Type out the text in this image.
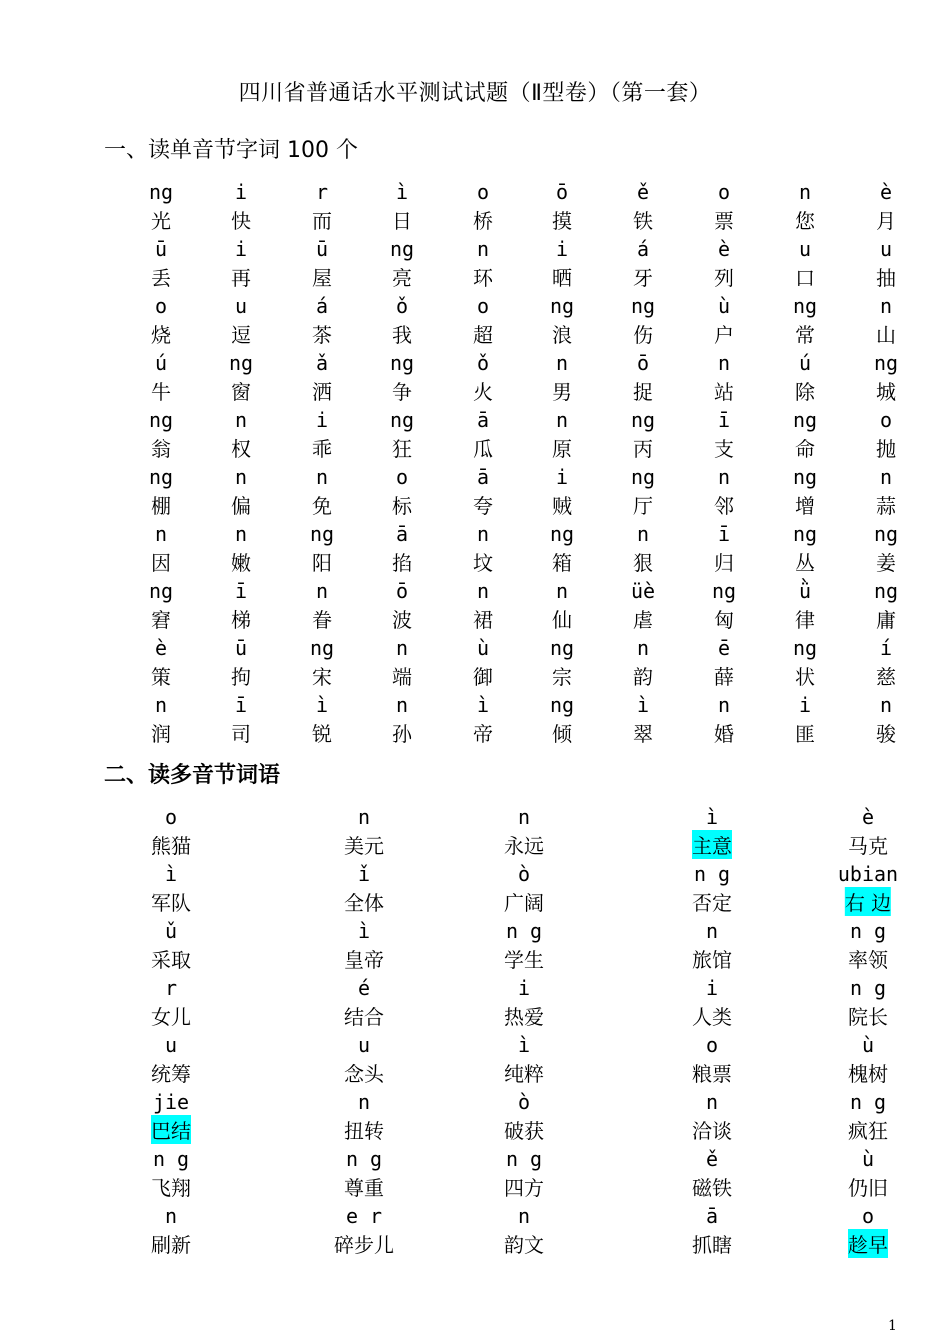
四川省普通话水平测试试题（Ⅱ型卷）（第一套）
一、读单音节字词 100 个
ng
光
i
快
r
而
ì
日
o
桥
ō
摸
ě
铁
o
票
n
您
è
月
ū
丢
i
再
ū
屋
ng
亮
n
环
i
晒
á
牙
è
列
u
口
u
抽
o
烧
u
逗
á
茶
ǒ
我
o
超
ng
浪
ng
伤
ù
户
ng
常
n
山
ú
牛
ng
窗
ǎ
洒
ng
争
ǒ
火
n
男
ō
捉
n
站
ú
除
ng
城
ng
翁
n
权
i
乖
ng
狂
ā
瓜
n
原
ng
丙
ī
支
ng
命
o
抛
ng
棚
n
偏
n
免
o
标
ā
夸
i
贼
ng
厅
n
邻
ng
增
n
蒜
n
因
n
嫩
ng
阳
ā
掐
n
坟
ng
箱
n
狠
ī
归
ng
丛
ng
姜
ng
窘
ī
梯
n
眷
ō
波
n
裙
n
仙
üè
虐
ng
匈
ǜ
律
ng
庸
è
策
ū
拘
ng
宋
n
端
ù
御
ng
宗
n
韵
ē
薛
ng
状
í
慈
n
润
ī
司
ì
锐
n
孙
ì
帝
ng
倾
ì
翠
n
婚
i
匪
n
骏
二、读多音节词语
o
熊猫
n
美元
n
永远
ì
主意
è
马克
ì
军队
ǐ
全体
ò
广阔
n g
否定
ubian
右 边
ǔ
采取
ì
皇帝
n g
学生
n
旅馆
n g
率领
r
女儿
é
结合
i
热爱
i
人类
n g
院长
u
统筹
u
念头
ì
纯粹
o
粮票
ù
槐树
jie
巴结
n
扭转
ò
破获
n
洽谈
n g
疯狂
n g
飞翔
n g
尊重
n g
四方
ě
磁铁
ù
仍旧
n
刷新
e r
碎步儿
n
韵文
ā
抓瞎
o
趁早
1
